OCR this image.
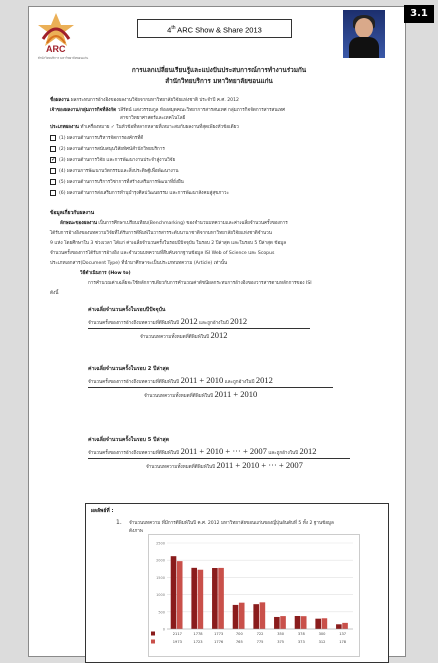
3.1
ARC
สำนักวิทยบริการ มหาวิทยาลัยขอนแก่น
4th ARC Show & Share 2013
การแลกเปลี่ยนเรียนรู้และแบ่งปันประสบการณ์การทำงานร่วมกัน
สำนักวิทยบริการ มหาวิทยาลัยขอนแก่น
ชื่อผลงาน ผลกระทบการอ้างอิงของผลงานวิจัยจากมหาวิทยาลัยวิจัยแห่งชาติ ประจำปี ค.ศ. 2012
เจ้าของผลงาน/กลุ่มภารกิจที่สังกัด วลีรัตน์ แสงวรรณกูล ห้องสมุดคณะวิทยาการสารสนเทศ กลุ่มภารกิจจัดการสารสนเทศ
สาขาวิทยาศาสตร์และเทคโนโลยี
ประเภทผลงาน ทำเครื่องหมาย ✓ ในหัวข้อที่หลากหลายที่เหมาะสมกับผลงานที่สุดเพียงหัวข้อเดียว
(1) ผลงานด้านการบริหารจัดการองค์กรที่ดี
(2) ผลงานด้านการสนับสนุนวิสัยทัศน์สำนักวิทยบริการ
✓ (3) ผลงานด้านการวิจัย และการพัฒนางานประจำสู่งานวิจัย
(4) ผลงานการพัฒนานวัตกรรมและสิ่งประดิษฐ์เพื่อพัฒนางาน
(5) ผลงานด้านการบริการวิชาการที่สร้างเสริมการพัฒนาที่ยั่งยืน
(6) ผลงานด้านการส่งเสริมการทำนุบำรุงศิลปวัฒนธรรม และการพัฒนาสังคมสู่สุขภาวะ
ข้อมูลเกี่ยวกับผลงาน
ลักษณะของผลงาน เป็นการศึกษาเปรียบเทียบ(Benchmarking) ของจำนวนบทความและค่าเฉลี่ยจำนวนครั้งของการ
ได้รับการอ้างอิงของบทความวิจัยที่ได้รับการตีพิมพ์ในวารสารระดับนานาชาติจากมหาวิทยาลัยวิจัยแห่งชาติจำนวน
9 แห่ง โดยศึกษาใน 3 ช่วงเวลา ได้แก่ ค่าเฉลี่ยจำนวนครั้งในรอบปีปัจจุบัน ในรอบ 2 ปีล่าสุด และในรอบ 5 ปีล่าสุด ข้อมูล
จำนวนครั้งของการได้รับการอ้างอิง และจำนวนบทความที่สืบค้นจากฐานข้อมูล ISI Web of Science และ Scopus
ประเภทเอกสาร(Document Type) ที่นำมาศึกษาจะเป็นประเภทบทความ (Article) เท่านั้น
วิธีดำเนินการ (How to)
การคำนวณค่าเฉลี่ยจะใช้หลักการเดียวกับการคำนวณค่าดัชนีผลกระทบการอ้างอิงของวารสารตามหลักการของ ISI
ดังนี้
ค่าเฉลี่ยจำนวนครั้งในรอบปีปัจจุบัน
จำนวนครั้งของการอ้างถึงบทความที่ตีพิมพ์ในปี 2012 และถูกอ้างในปี 2012
จำนวนบทความทั้งหมดที่ตีพิมพ์ในปี 2012
ค่าเฉลี่ยจำนวนครั้งในรอบ 2 ปีล่าสุด
จำนวนครั้งของการอ้างถึงบทความที่ตีพิมพ์ในปี 2011 + 2010 และถูกอ้างในปี 2012
จำนวนบทความทั้งหมดที่ตีพิมพ์ในปี 2011 + 2010
ค่าเฉลี่ยจำนวนครั้งในรอบ 5 ปีล่าสุด
จำนวนครั้งของการอ้างถึงบทความที่ตีพิมพ์ในปี 2011 + 2010 + ··· + 2007 และถูกอ้างในปี 2012
จำนวนบทความทั้งหมดที่ตีพิมพ์ในปี 2011 + 2010 + ··· + 2007
ผลลัพธ์ที่ :
1. จำนวนบทความ ที่มีการตีพิมพ์ในปี ค.ศ. 2012 มหาวิทยาลัยขอนแก่นของญี่ปุ่นอันดับที่ 5 ทั้ง 2 ฐานข้อมูล
ดังภาพ
0
500
1000
1500
2000
2500
2117	1778	1773	700	722	350	378	300	137
1973	1723	1776	765	775	375	373	312	178
